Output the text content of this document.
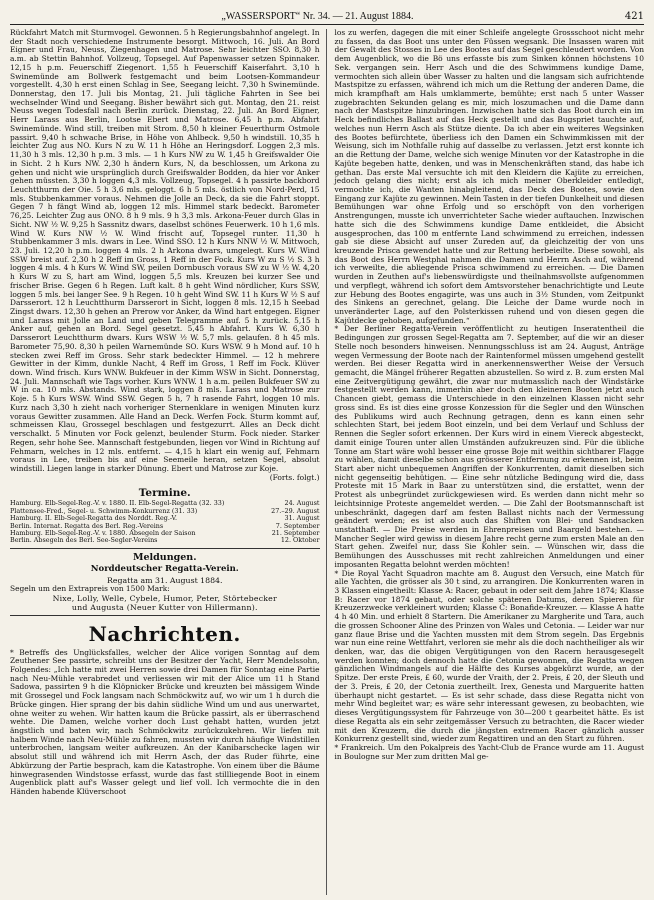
„WASSERSPORT“ Nr. 34. — 21. August 1884.	421

Rückfahrt Match mit Sturmvogel. Gewonnen. 5 h Regierungsbahnhof angelegt. In der Stadt noch verschiedene Instrumente besorgt. Mittwoch, 16. Juli. An Bord Eigner und Frau, Neuss, Ziegenhagen und Matrose. Sehr leichter SSO. 8,30 h a.m. ab Stettin Bahnhof. Vollzeug, Topsegel. Auf Papenwasser setzen Spinnaker. 12,15 h p.m. Feuerschiff Ziegenort. 1,55 h Feuerschiff Kaiserfahrt. 3,10 h Swinemünde am Bollwerk festgemacht und beim Lootsen-Kommandeur vorgestellt. 4,30 h erst einen Schlag in See, Seegang leicht. 7,30 h Swinemünde. Donnerstag, den 17. Juli bis Montag, 21. Juli tägliche Fahrten in See bei wechselnder Wind und Seegang. Bisher bewährt sich gut. Montag, den 21. reist Neuss wegen Todesfall nach Berlin zurück. Dienstag, 22. Juli. An Bord Eigner, Herr Larass aus Berlin, Lootse Ebert und Matrose. 6,45 h p.m. Abfahrt Swinemünde. Wind still, treiben mit Strom. 8,50 h kleiner Feuerthurm Ostmole passirt. 9,40 h schwache Brise, in Höhe von Ahlbeck. 9,50 h windstill. 10,35 h leichter Zug aus NO. Kurs N zu W. 11 h Höhe an Heringsdorf. Loggen 2,3 mls. 11,30 h 3 mls. 12,30 h p.m. 3 mls. — 1 h Kurs NW zu W. 1,45 h Greifswalder Oie in Sicht. 2 h Kurs NW. 2,30 h ändern Kurs, N, da beschlossen, um Arkona zu gehen und nicht wie ursprünglich durch Greifswalder Bodden, da hier vor Anker gehen müssten. 3,30 h loggen 4,3 mls. Vollzeug, Topsegel. 4 h passirte backbord Leuchtthurm der Oie. 5 h 3,6 mls. geloggt. 6 h 5 mls. östlich von Nord-Perd, 15 mls. Stubbenkammer voraus. Nehmen die Jolle an Deck, da sie die Fahrt stoppt. Gegen 7 h fängt Wind ab, loggen 12 mls. Himmel stark bedeckt. Barometer 76,25. Leichter Zug aus ONO. 8 h 9 mls. 9 h 3,3 mls. Arkona-Feuer durch Glas in Sicht. NW ½ W. 9,25 h Sassnitz dwars, daselbst schönes Feuerwerk. 10 h 1,6 mls. Wind W. Kurs NW ½ W. Wind frischt auf, Topsegel runter. 11,30 h Stubbenkammer 3 mls. dwars in Lee. Wind SSO. 12 h Kurs NNW ½ W. Mittwoch, 23. Juli. 12,20 h p.m. loggen 4 mls. 2 h Arkona dwars, umgelegt. Kurs W. Wind SSW breist auf. 2,30 h 2 Reff im Gross, 1 Reff in der Fock. Kurs W zu S ½ S. 3 h loggen 4 mls. 4 h Kurs W. Wind SW, peilen Dornbusch voraus SW zu W ½ W. 4,20 h Kurs W zu S, hart am Wind, loggen 5,5 mls. Kreuzen bei kurzer See und frischer Brise. Gegen 6 h Regen. Luft kalt. 8 h geht Wind nördlicher, Kurs SSW, loggen 5 mls. bei langer See. 9 h Regen. 10 h geht Wind SW. 11 h Kurs W ½ S auf Darsserort. 12 h Leuchtthurm Darsserort in Sicht, loggen 8 mls. 12,15 h Seebad Zingst dwars. 12,30 h gehen an Prerow vor Anker, da Wind hart entgegen. Eigner und Larass mit Jolle an Land und geben Telegramme auf. 5 h zurück. 5,15 h Anker auf, gehen an Bord. Segel gesetzt. 5,45 h Abfahrt. Kurs W. 6,30 h Darsserort Leuchtthurm dwars. Kurs WSW ½ W. 5,7 mls. gelaufen. 8 h 45 mls. Barometer 75,90. 8,30 h peilen Warnemünde SO. Kurs WSW. 9 h Mond auf. 10 h stecken zwei Reff im Gross. Sehr stark bedeckter Himmel. — 12 h mehrere Gewitter in der Kimm, dunkle Nacht, 4 Reff im Gross, 1 Reff im Fock. Klüver down. Wind frisch. Kurs WNW. Bukfeuer in der Kimm WSW in Sicht. Donnerstag, 24. Juli. Mannschaft wie Tags vorher. Kurs WNW. 1 h a.m. peilen Bukfeuer SW zu W in ca. 10 mls. Abstands. Wind stark, loggen 8 mls. Larass und Matrose zur Koje. 5 h Kurs WSW. Wind SSW. Gegen 5 h, 7 h rasende Fahrt, loggen 10 mls. Kurz nach 3,30 h zieht nach vorheriger Sternenklare in wenigen Minuten kurz voraus Gewitter zusammen. Alle Hand an Deck. Werfen Fock. Sturm kommt auf, schmeissen Klau, Grossegel beschlagen und festgezurrt. Alles an Deck dicht verschalkt. 5 Minuten vor Fock gelenzt, beulender Sturm. Fock nieder. Starker Regen, sehr hohe See. Mannschaft festgebunden, liegen vor Wind in Richtung auf Fehmarn, welches in 12 mls. entfernt. — 4,15 h klart ein wenig auf, Fehmarn voraus in Lee, treiben bis auf eine Seemeile heran, setzen Segel, absolut windstill. Liegen lange in starker Dünung. Ebert und Matrose zur Koje.

(Forts. folgt.)

Termine.
Hamburg. Elb-Segel-Reg.-V. v. 1880. II. Elb-Segel-Regatta (32. 33)	24. August
Plattensee-Fred., Segel- u. Schwimm-Konkurrenz (31. 33)	27.–29. August
Hamburg. II. Elb-Segel-Regatta des Norddt. Reg.-V.	31. August
Berlin. Internat. Regatta des Berl. Reg.-Vereins	7. September
Hamburg. Elb-Segel-Reg.-V. v. 1880. Absegeln der Saison	21. September
Berlin. Absegeln des Berl. See-Segler-Vereins	12. Oktober
Meldungen.
Norddeutscher Regatta-Verein.

Regatta am 31. August 1884.

Segeln um den Extrapreis von 1500 Mark:

Nixe, Lolly, Welle, Cybele, Humor, Peter, Störtebecker

und Augusta (Neuer Kutter von Hillermann).

Nachrichten.

* Betreffs des Unglücksfalles, welcher der Alice vorigen Sonntag auf dem Zeuthener See passirte, schreibt uns der Besitzer der Yacht, Herr Mendelssohn, Folgendes: „Ich hatte mit zwei Herren sowie drei Damen für Sonntag eine Partie nach Neu-Mühle verabredet und verliessen wir mit der Alice um 11 h Stand Sadowa, passirten 9 h die Klöpnicker Brücke und kreuzten bei mässigem Winde mit Grossegel und Fock langsam nach Schmöckwitz auf, wo wir um 1 h durch die Brücke gingen. Hier sprang der bis dahin südliche Wind um und aus unerwartet, ohne weiter zu wehen. Wir hatten kaum die Brücke passirt, als er überraschend wehte. Die Damen, welche vorher doch Lust gehabt hatten, wurden jetzt ängstlich und baten wir, nach Schmöckwitz zurückzukehren. Wir liefen mit halbem Winde nach Neu-Mühle zu fahren, mussten wir durch häufige Windstillen unterbrochen, langsam weiter aufkreuzen. An der Kanibarschecke lagen wir absolut still und während ich mit Herrn Asch, der das Ruder führte, eine Abkürzung der Partie besprach, kam die Katastrophe. Von einem über die Bäume hinwegrasenden Windstosse erfasst, wurde das fast stillliegende Boot in einem Augenblick platt auf's Wasser gelegt und lief voll. Ich vermochte die in den Händen habende Klüverschoot

los zu werfen, dagegen die mit einer Schleife angelegte Grossschoot nicht mehr zu fassen, da das Boot uns unter den Füssen wegsank. Die Insassen waren mit der Gewalt des Stosses in Lee des Bootes auf das Segel geschleudert worden. Von dem Augenblick, wo die Bö uns erfasste bis zum Sinken können höchstens 10 Sek. vergangen sein. Herr Asch und die des Schwimmens kundige Dame, vermochten sich allein über Wasser zu halten und die langsam sich aufrichtende Mastspitze zu erfassen, während ich mich um die Rettung der anderen Dame, die mich krampfhaft am Hals umklammerte, bemühte; erst nach 5 unter Wasser zugebrachten Sekunden gelang es mir, mich loszumachen und die Dame dann nach der Mastspitze hinzubringen. Inzwischen hatte sich das Boot durch ein im Heck befindliches Ballast auf das Heck gestellt und das Bugspriet tauchte auf, welches nun Herrn Asch als Stütze diente. Da ich aber ein weiteres Wegsinken des Bootes befürchtete, überliess ich den Damen ein Schwimmkissen mit der Weisung, sich im Nothfalle ruhig auf dasselbe zu verlassen. Jetzt erst konnte ich an die Rettung der Dame, welche sich wenige Minuten vor der Katastrophe in die Kajüte begeben hatte, denken, und was in Menschenkräften stand, das habe ich gethan. Das erste Mal versuchte ich mit den Kleidern die Kajüte zu erreichen, jedoch gelang dies nicht; erst als ich mich meiner Oberkleider entledigt, vermochte ich, die Wanten hinabgleitend, das Deck des Bootes, sowie den Eingang zur Kajüte zu gewinnen. Mein Tasten in der tiefen Dunkelheit und diesen Bemühungen war ohne Erfolg und so erschöpft von den vorherigen Anstrengungen, musste ich unverrichteter Sache wieder auftauchen. Inzwischen hatte sich die des Schwimmens kundige Dame entkleidet, die Absicht ausgesprochen, das 100 m entfernte Land schwimmend zu erreichen, indessen gab sie diese Absicht auf unser Zureden auf, da gleichzeitig der von uns kreuzende Prisca gewendet hatte und zur Rettung herbeieilte. Diese sowohl, als das Boot des Herrn Westphal nahmen die Damen und Herrn Asch auf, während ich verweilte, die abliegende Prisca schwimmend zu erreichen. — Die Damen wurden in Zeuthen auf's liebenswürdigste und theilnahmsvollste aufgenommen und verpflegt, während ich sofort dem Amtsvorsteher benachrichtigte und Leute zur Hebung des Bootes engagirte, was uns auch in 3½ Stunden, vom Zeitpunkt des Sinkens an gerechnet, gelang. Die Leiche der Dame wurde noch in unveränderter Lage, auf den Polsterkissen ruhend und von diesen gegen die Kajütdecke gehoben, aufgefunden.“

* Der Berliner Regatta-Verein veröffentlicht zu heutigen Inseratentheil die Bedingungen zur grossen Segel-Regatta am 7. September, auf die wir an dieser Stelle noch besonders hinweisen. Nennungsschluss ist am 24. August, Anträge wegen Vermessung der Boote nach der Raintenformel müssen umgehend gestellt werden. Bei dieser Regatta wird in anerkennenswerther Weise der Versuch gemacht, die Mängel früherer Regatten abzustellen. So wird z. B. zum ersten Mal eine Zeitvergütigung gewährt, die zwar nur mutmasslich nach der Windstärke festgestellt werden kann, immerhin aber doch den kleineren Booten jetzt auch Chancen giebt, gemass die Unterschiede in den einzelnen Klassen nicht sehr gross sind. Es ist dies eine grosse Konzession für die Segler und den Wünschen des Publikums wird auch Rechnung getragen, denn es kann einen sehr schlechten Start, bei jedem Boot einzeln, und bei dem Verlauf und Schluss der Rennen die Segler sofort erkennen. Der Kurs wird in einem Viereck abgesteckt, damit einige Touren unter allen Umständen aufzukreuzen sind. Für die übliche Tonne am Start wäre wohl besser eine grosse Boje mit weithin sichtbarer Flagge zu wählen, damit dieselbe schon aus grösserer Entfernung zu erkennen ist, beim Start aber nicht unbequemen Angriffen der Konkurrenten, damit dieselben sich nicht gegenseitig behütigen. — Eine sehr nützliche Bedingung wird die, dass Proteste mit 15 Mark in Baar zu unterstützen sind, die erstattet, wenn der Protest als unbegründet zurückgewiesen wird. Es werden dann nicht mehr so leichtsinnige Proteste angemeldet werden. — Die Zahl der Bootsmannschaft ist unbeschränkt, dagegen darf am festen Ballast nichts nach der Vermessung geändert werden; es ist also auch das Shiften von Blei- und Sandsacken unstatthaft. — Die Preise werden in Ehrenpreisen und Baargeld bestehen. — Mancher Segler wird gewiss in diesem Jahre recht gerne zum ersten Male an den Start gehen. Zweifel nur, dass Sie Kohler sein. — Wünschen wir, dass die Bemühungen des Ausschusses mit recht zahlreichen Anmeldungen und einer imposanten Regatta belohnt werden möchten!

* Die Royal Yacht Squadron machte am 8. August den Versuch, eine Match für alle Yachten, die grösser als 30 t sind, zu arrangiren. Die Konkurrenten waren in 3 Klassen eingetheilt: Klasse A: Racer, gebaut in oder seit dem Jahre 1874; Klasse B: Racer vor 1874 gebaut, oder solche späteren Datums, deren Spieren für Kreuzerzwecke verkleinert wurden; Klasse C: Bonafide-Kreuzer. — Klasse A hatte 4 h 40 Min. und erhielt 8 Startern. Die Amerikaner zu Margherite und Tara, auch die grossen Schooner Aline des Prinzen von Wales und Cetonia. — Leider war nur ganz flaue Brise und die Yachten mussten mit dem Strom segeln. Das Ergebnis war nun eine reine Wettfahrt, verloren sie mehr als die doch nachtheiliger als wir denken, war, das die obigen Vergütigungen von den Racern herausgesegelt werden konnten; doch dennoch hatte die Cetonia gewonnen, die Regatta wegen gänzlichen Windmangels auf die Hälfte des Kurses abgekürzt wurde, an der Spitze. Der erste Preis, £ 60, wurde der Vraith, der 2. Preis, £ 20, der Sleuth und der 3. Preis, £ 20, der Cetonia zuertheilt. Irex, Genesta und Marguerite hatten überhaupt nicht gestartet. — Es ist sehr schade, dass diese Regatta nicht von mehr Wind begleitet war; es wäre sehr interessant gewesen, zu beobachten, wie dieses Vergütigungssystem für Fahrzeuge von 30—200 t gearbeitet hätte. Es ist diese Regatta als ein sehr zeitgemässer Versuch zu betrachten, die Racer wieder mit den Kreuzern, die durch die jängsten extremen Racer gänzlich ausser Konkurrenz gestellt sind, wieder zum Regattiren und an den Start zu führen.

* Frankreich. Um den Pokalpreis des Yacht-Club de France wurde am 11. August in Boulogne sur Mer zum dritten Mal ge-
